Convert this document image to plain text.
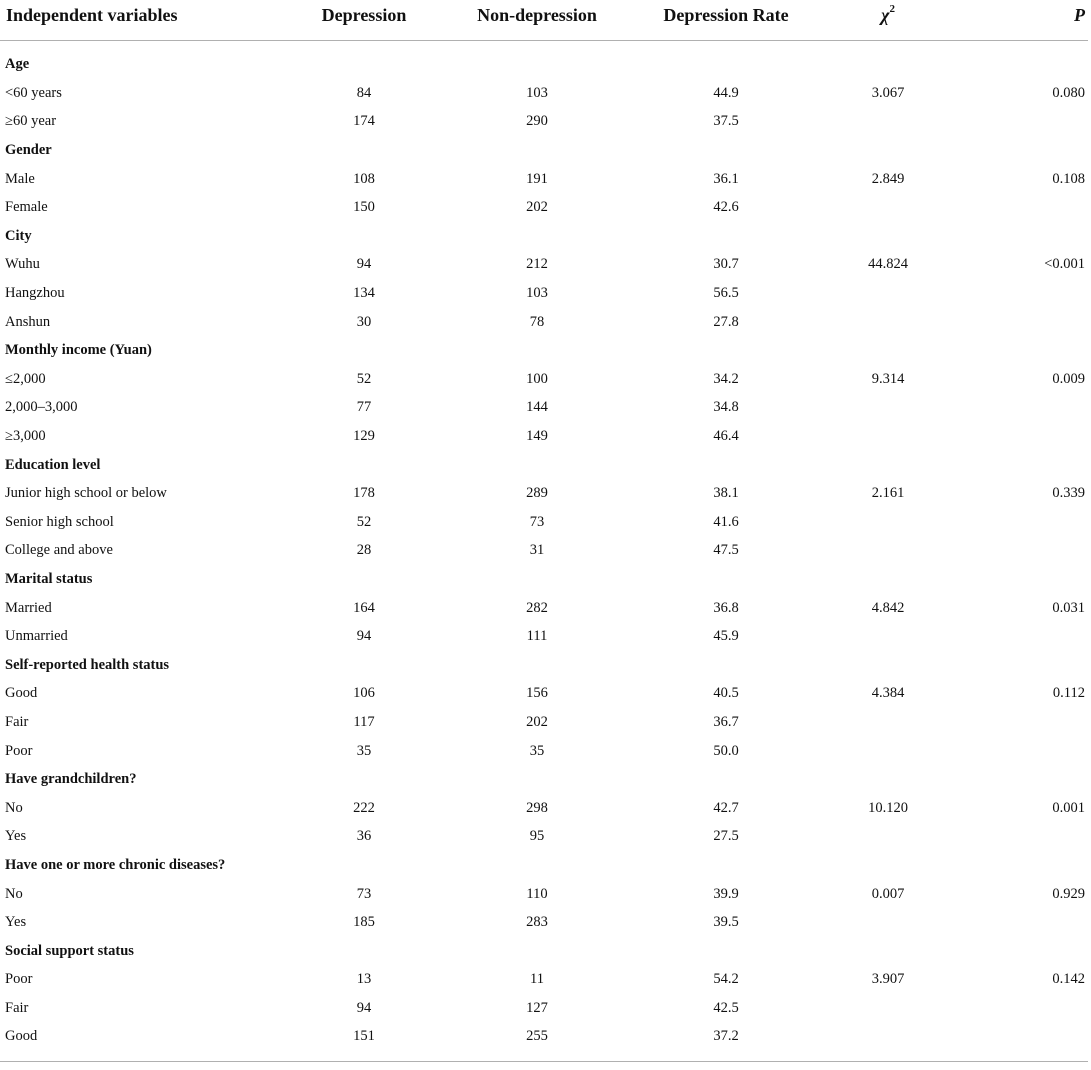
Independent variables	Depression	Non-depression	Depression Rate	$\chi^2$	P

Age					
<60 years	84	103	44.9	3.067	0.080
≥60 year	174	290	37.5		
Gender					
Male	108	191	36.1	2.849	0.108
Female	150	202	42.6		
City					
Wuhu	94	212	30.7	44.824	<0.001
Hangzhou	134	103	56.5		
Anshun	30	78	27.8		
Monthly income (Yuan)					
≤2,000	52	100	34.2	9.314	0.009
2,000–3,000	77	144	34.8		
≥3,000	129	149	46.4		
Education level					
Junior high school or below	178	289	38.1	2.161	0.339
Senior high school	52	73	41.6		
College and above	28	31	47.5		
Marital status					
Married	164	282	36.8	4.842	0.031
Unmarried	94	111	45.9		
Self-reported health status					
Good	106	156	40.5	4.384	0.112
Fair	117	202	36.7		
Poor	35	35	50.0		
Have grandchildren?					
No	222	298	42.7	10.120	0.001
Yes	36	95	27.5		
Have one or more chronic diseases?					
No	73	110	39.9	0.007	0.929
Yes	185	283	39.5		
Social support status					
Poor	13	11	54.2	3.907	0.142
Fair	94	127	42.5		
Good	151	255	37.2		
